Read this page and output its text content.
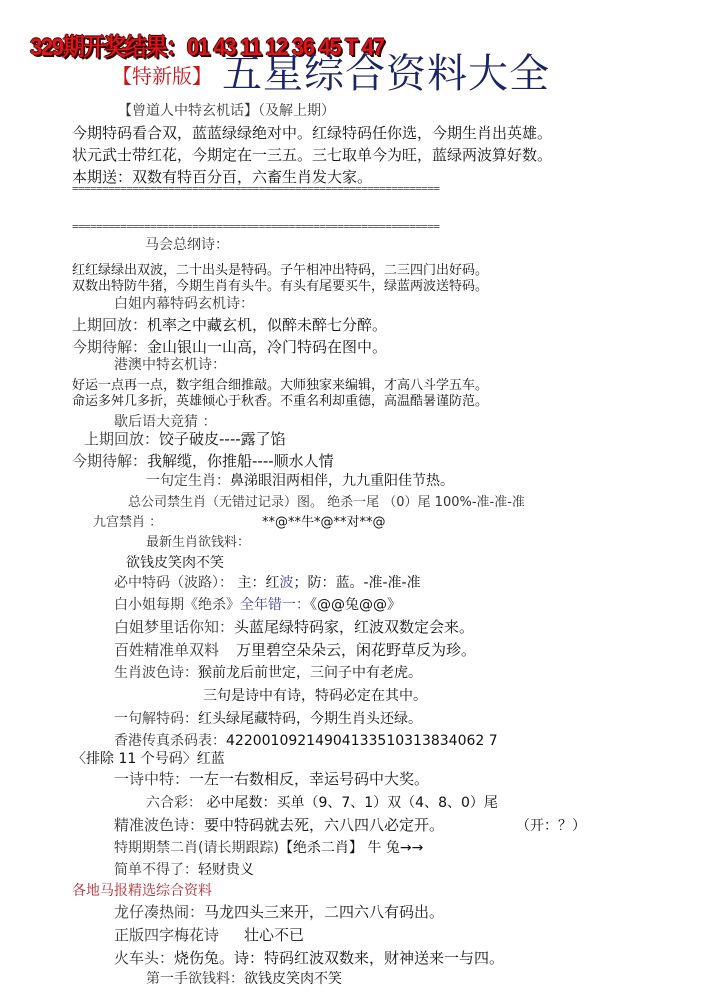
329期开奖结果：01 43 11 12 36 45 T 47
【特新版】 五星综合资料大全
【曾道人中特玄机话】（及解上期）
今期特码看合双，蓝蓝绿绿绝对中。红绿特码任你选，今期生肖出英雄。
状元武士带红花，今期定在一三五。三七取单今为旺，蓝绿两波算好数。
本期送：双数有特百分百，六畜生肖发大家。
=============================================================
=============================================================
马会总纲诗：
红红绿绿出双波，二十出头是特码。子午相冲出特码，二三四门出好码。
双数出特防牛猪，今期生肖有头牛。有头有尾要买牛，绿蓝两波送特码。
白姐内幕特码玄机诗：
上期回放：机率之中藏玄机，似醉未醉七分醉。
今期待解：金山银山一山高，冷门特码在图中。
港澳中特玄机诗：
好运一点再一点，数字组合细推敲。大师独家来编辑，才高八斗学五车。
命运多舛几多折，英雄倾心于秋香。不重名利却重德，高温酷暑谨防范。
歇后语大竞猜 ：
上期回放：饺子破皮----露了馅
今期待解：我解缆，你推船----顺水人情
一句定生肖：鼻涕眼泪两相伴，九九重阳佳节热。
总公司禁生肖（无错过记录）图。 绝杀一尾 （0）尾 100%-准-准-准
九宫禁肖 ：	**@**牛*@**对**@
最新生肖欲钱料：
欲钱皮笑肉不笑
必中特码（波路）： 主：红波；防：蓝。-准-准-准
白小姐每期《绝杀》全年错一：《@@兔@@》
白姐梦里话你知：头蓝尾绿特码家，红波双数定会来。
百姓精准单双料 万里碧空朵朵云，闲花野草反为珍。
生肖波色诗：猴前龙后前世定，三问子中有老虎。
三句是诗中有诗，特码必定在其中。
一句解特码：红头绿尾藏特码，今期生肖头还绿。
香港传真杀码表：42200109214904133510313834062 7
〈排除 11 个号码〉红蓝
一诗中特：一左一右数相反，幸运号码中大奖。
六合彩： 必中尾数：买单（9、7、1）双（4、8、0）尾
精准波色诗：要中特码就去死，六八四八必定开。	（开：？）
特期期禁二肖(请长期跟踪)【绝杀二肖】 牛 兔→→
简单不得了：轻财贵义
各地马报精选综合资料
龙仔凑热闹：马龙四头三来开，二四六八有码出。
正版四字梅花诗 壮心不已
火车头：烧伤兔。诗：特码红波双数来，财神送来一与四。
第一手欲钱料：欲钱皮笑肉不笑
